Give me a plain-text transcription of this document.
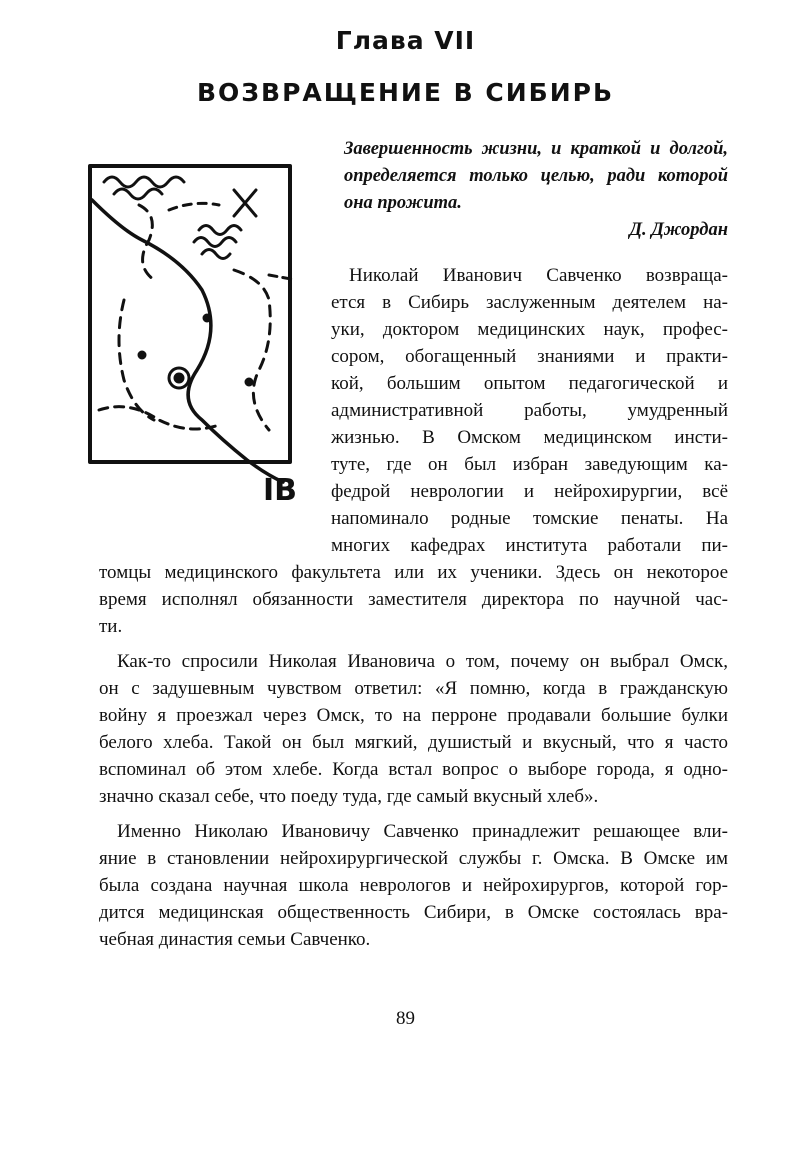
Глава VII
ВОЗВРАЩЕНИЕ В СИБИРЬ

Завершенность жизни, и краткой и долгой, определяется только целью, ради которой она прожита.

Д. Джордан

IB
Николай Иванович Савченко возвраща-
ется в Сибирь заслуженным деятелем на-
уки, доктором медицинских наук, профес-
сором, обогащенный знаниями и практи-
кой, большим опытом педагогической и
административной работы, умудренный
жизнью. В Омском медицинском инсти-
туте, где он был избран заведующим ка-
федрой неврологии и нейрохирургии, всё
напоминало родные томские пенаты. На
многих кафедрах института работали пи-
томцы медицинского факультета или их ученики. Здесь он некоторое
время исполнял обязанности заместителя директора по научной час-
ти.
Как-то спросили Николая Ивановича о том, почему он выбрал Омск,
он с задушевным чувством ответил: «Я помню, когда в гражданскую
войну я проезжал через Омск, то на перроне продавали большие булки
белого хлеба. Такой он был мягкий, душистый и вкусный, что я часто
вспоминал об этом хлебе. Когда встал вопрос о выборе города, я одно-
значно сказал себе, что поеду туда, где самый вкусный хлеб».
Именно Николаю Ивановичу Савченко принадлежит решающее вли-
яние в становлении нейрохирургической службы г. Омска. В Омске им
была создана научная школа неврологов и нейрохирургов, которой гор-
дится медицинская общественность Сибири, в Омске состоялась вра-
чебная династия семьи Савченко.
89
